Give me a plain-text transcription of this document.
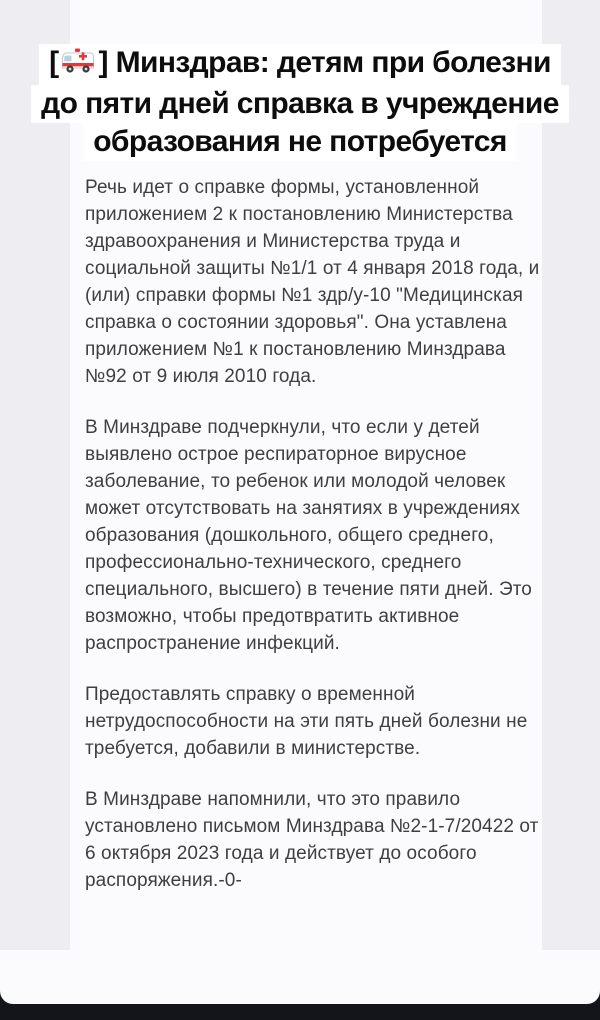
[ ] Минздрав: детям при болезни
до пяти дней справка в учреждение
образования не потребуется

Речь идет о справке формы, установленной приложением 2 к постановлению Министерства здравоохранения и Министерства труда и социальной защиты №1/1 от 4 января 2018 года, и (или) справки формы №1 здр/у-10 "Медицинская справка о состоянии здоровья". Она уставлена приложением №1 к постановлению Минздрава №92 от 9 июля 2010 года.

В Минздраве подчеркнули, что если у детей выявлено острое респираторное вирусное заболевание, то ребенок или молодой человек может отсутствовать на занятиях в учреждениях образования (дошкольного, общего среднего, профессионально-технического, среднего специального, высшего) в течение пяти дней. Это возможно, чтобы предотвратить активное распространение инфекций.

Предоставлять справку о временной нетрудоспособности на эти пять дней болезни не требуется, добавили в министерстве.

В Минздраве напомнили, что это правило установлено письмом Минздрава №2-1-7/20422 от 6 октября 2023 года и действует до особого распоряжения.-0-
